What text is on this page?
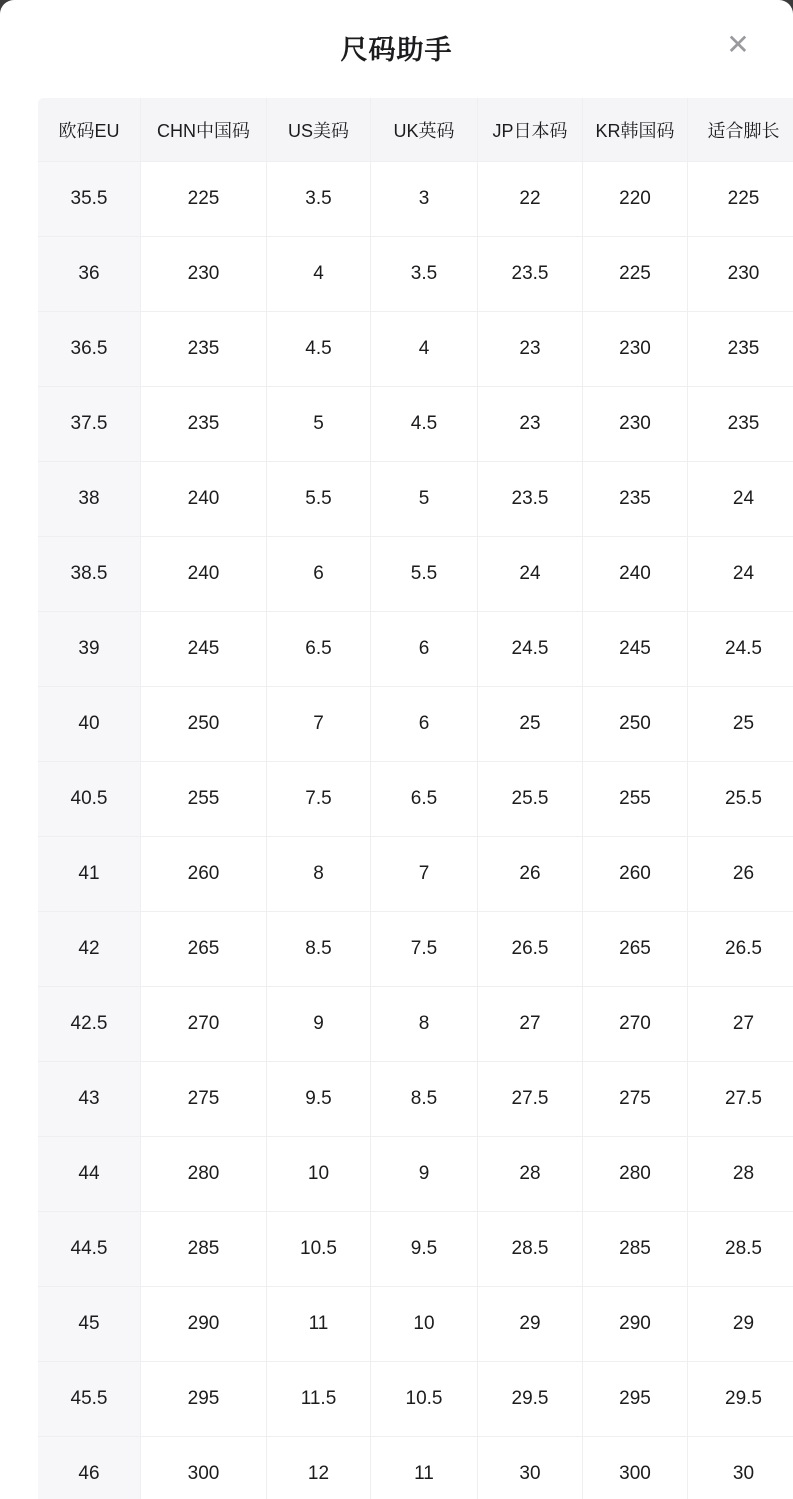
尺码助手	✕
欧码EU	CHN中国码	US美码	UK英码	JP日本码	KR韩国码	适合脚长
35.5	225	3.5	3	22	220	225
36	230	4	3.5	23.5	225	230
36.5	235	4.5	4	23	230	235
37.5	235	5	4.5	23	230	235
38	240	5.5	5	23.5	235	24
38.5	240	6	5.5	24	240	24
39	245	6.5	6	24.5	245	24.5
40	250	7	6	25	250	25
40.5	255	7.5	6.5	25.5	255	25.5
41	260	8	7	26	260	26
42	265	8.5	7.5	26.5	265	26.5
42.5	270	9	8	27	270	27
43	275	9.5	8.5	27.5	275	27.5
44	280	10	9	28	280	28
44.5	285	10.5	9.5	28.5	285	28.5
45	290	11	10	29	290	29
45.5	295	11.5	10.5	29.5	295	29.5
46	300	12	11	30	300	30
